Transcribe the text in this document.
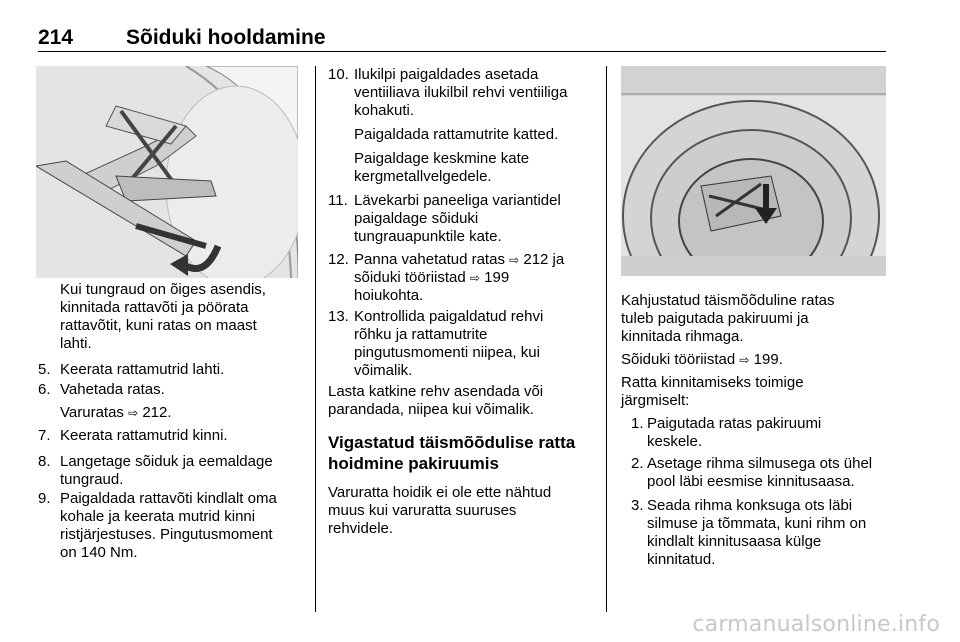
214	Sõiduki hooldamine

Kui tungraud on õiges asendis,

kinnitada rattavõti ja pöörata

rattavõtit, kuni ratas on maast

lahti.

5. Keerata rattamutrid lahti.
6. Vahetada ratas.

Varuratas ⇨ 212.

7. Keerata rattamutrid kinni.
8. Langetage sõiduk ja eemaldage
tungraud.
9. Paigaldada rattavõti kindlalt oma
kohale ja keerata mutrid kinni
ristjärjestuses. Pingutusmoment
on 140 Nm.
10. Ilukilpi paigaldades asetada
ventiiliava ilukilbil rehvi ventiiliga
kohakuti.

Paigaldada rattamutrite katted.

Paigaldage keskmine kate

kergmetallvelgedele.

11. Lävekarbi paneeliga variantidel
paigaldage sõiduki
tungrauapunktile kate.
12. Panna vahetatud ratas ⇨ 212 ja
sõiduki tööriistad ⇨ 199
hoiukohta.
13. Kontrollida paigaldatud rehvi
rõhku ja rattamutrite
pingutusmomenti niipea, kui
võimalik.

Lasta katkine rehv asendada või

parandada, niipea kui võimalik.

Vigastatud täismõõdulise ratta

hoidmine pakiruumis

Varuratta hoidik ei ole ette nähtud

muus kui varuratta suuruses

rehvidele.

Kahjustatud täismõõduline ratas

tuleb paigutada pakiruumi ja

kinnitada rihmaga.

Sõiduki tööriistad ⇨ 199.

Ratta kinnitamiseks toimige

järgmiselt:

1. Paigutada ratas pakiruumi
keskele.
2. Asetage rihma silmusega ots ühel
pool läbi eesmise kinnitusaasa.
3. Seada rihma konksuga ots läbi
silmuse ja tõmmata, kuni rihm on
kindlalt kinnitusaasa külge
kinnitatud.
carmanualsonline.info
